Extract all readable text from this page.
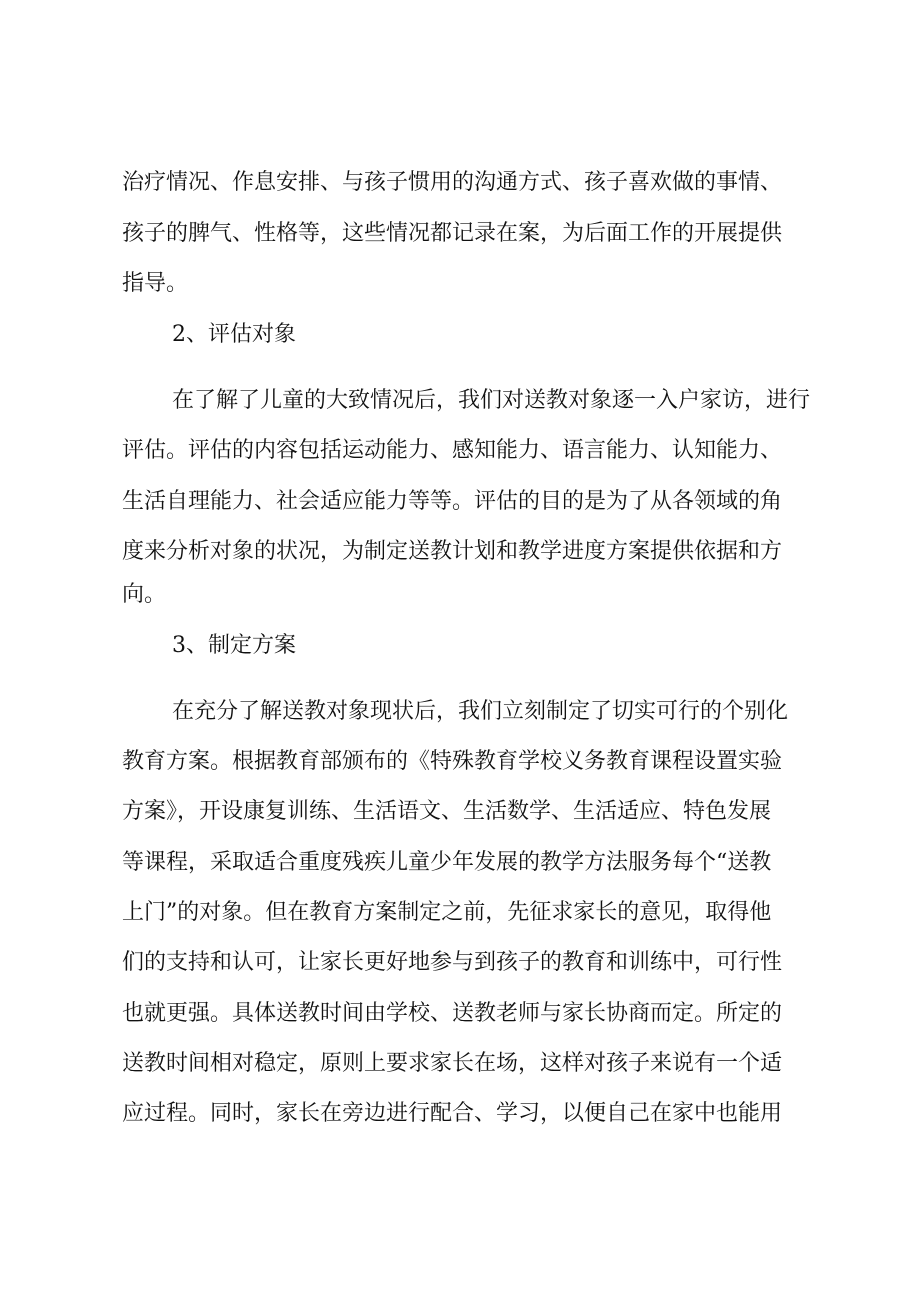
治疗情况、作息安排、与孩子惯用的沟通方式、孩子喜欢做的事情、

孩子的脾气、性格等，这些情况都记录在案，为后面工作的开展提供

指导。

2、评估对象

在了解了儿童的大致情况后，我们对送教对象逐一入户家访，进行

评估。评估的内容包括运动能力、感知能力、语言能力、认知能力、

生活自理能力、社会适应能力等等。评估的目的是为了从各领域的角

度来分析对象的状况，为制定送教计划和教学进度方案提供依据和方

向。

3、制定方案

在充分了解送教对象现状后，我们立刻制定了切实可行的个别化

教育方案。根据教育部颁布的《特殊教育学校义务教育课程设置实验

方案》，开设康复训练、生活语文、生活数学、生活适应、特色发展

等课程，采取适合重度残疾儿童少年发展的教学方法服务每个“送教

上门”的对象。但在教育方案制定之前，先征求家长的意见，取得他

们的支持和认可，让家长更好地参与到孩子的教育和训练中，可行性

也就更强。具体送教时间由学校、送教老师与家长协商而定。所定的

送教时间相对稳定，原则上要求家长在场，这样对孩子来说有一个适

应过程。同时，家长在旁边进行配合、学习，以便自己在家中也能用
